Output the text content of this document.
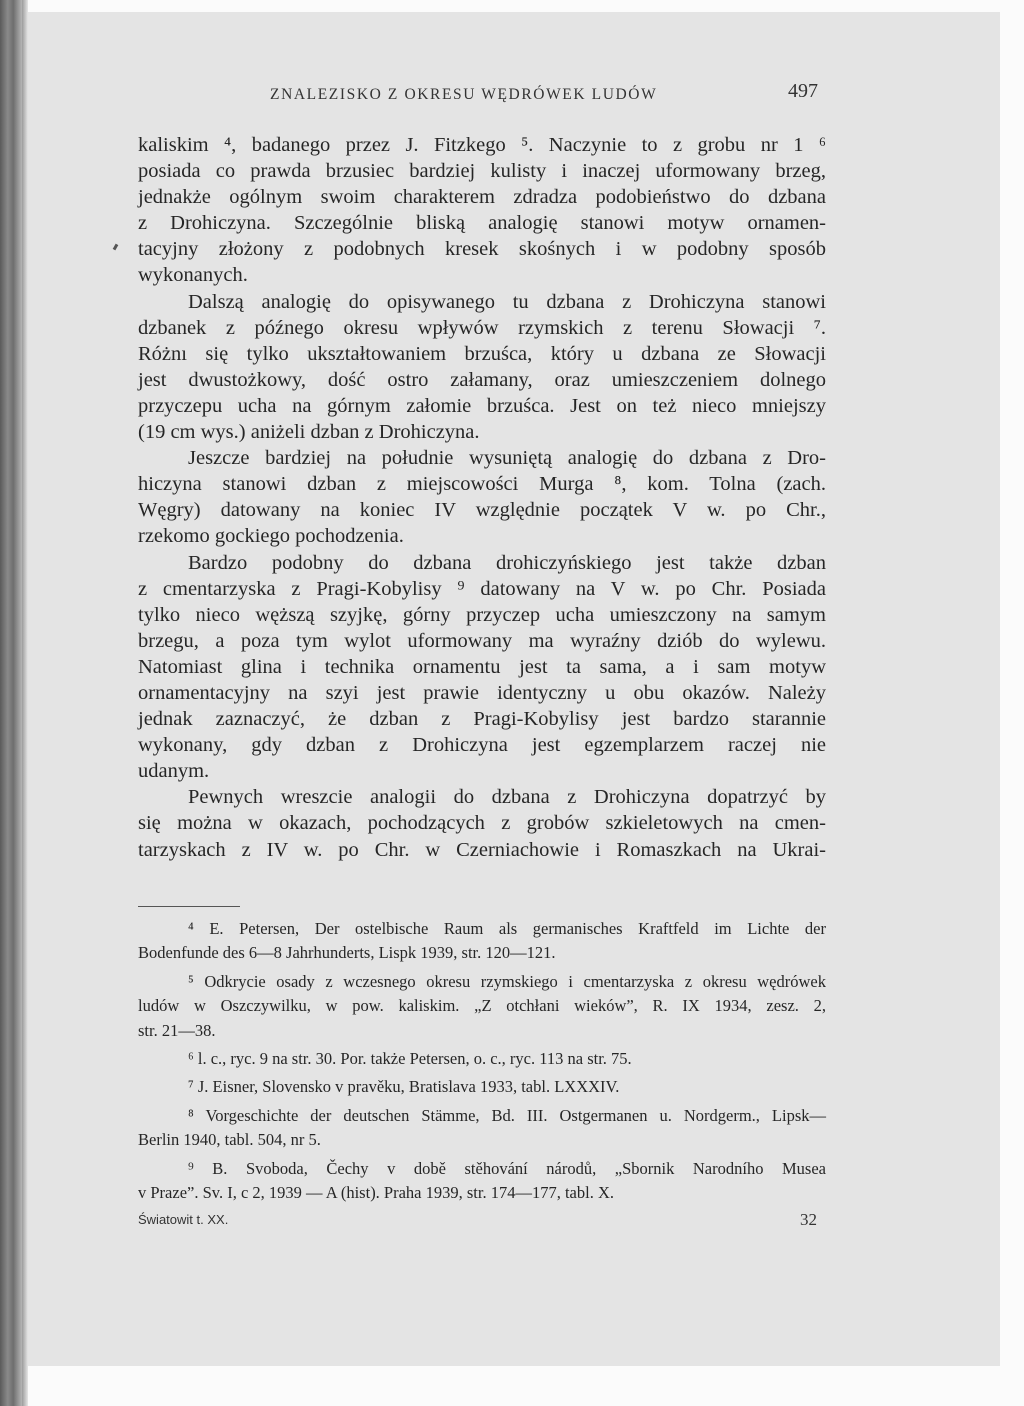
ZNALEZISKO Z OKRESU WĘDRÓWEK LUDÓW	497
kaliskim ⁴, badanego przez J. Fitzkego ⁵. Naczynie to z grobu nr 1 ⁶
posiada co prawda brzusiec bardziej kulisty i inaczej uformowany brzeg,
jednakże ogólnym swoim charakterem zdradza podobieństwo do dzbana
z Drohiczyna. Szczególnie bliską analogię stanowi motyw ornamen-
tacyjny złożony z podobnych kresek skośnych i w podobny sposób
wykonanych.
Dalszą analogię do opisywanego tu dzbana z Drohiczyna stanowi
dzbanek z późnego okresu wpływów rzymskich z terenu Słowacji ⁷.
Różnı się tylko ukształtowaniem brzuśca, który u dzbana ze Słowacji
jest dwustożkowy, dość ostro załamany, oraz umieszczeniem dolnego
przyczepu ucha na górnym załomie brzuśca. Jest on też nieco mniejszy
(19 cm wys.) aniżeli dzban z Drohiczyna.
Jeszcze bardziej na południe wysuniętą analogię do dzbana z Dro-
hiczyna stanowi dzban z miejscowości Murga ⁸, kom. Tolna (zach.
Węgry) datowany na koniec IV względnie początek V w. po Chr.,
rzekomo gockiego pochodzenia.
Bardzo podobny do dzbana drohiczyńskiego jest także dzban
z cmentarzyska z Pragi-Kobylisy ⁹ datowany na V w. po Chr. Posiada
tylko nieco węższą szyjkę, górny przyczep ucha umieszczony na samym
brzegu, a poza tym wylot uformowany ma wyraźny dziób do wylewu.
Natomiast glina i technika ornamentu jest ta sama, a i sam motyw
ornamentacyjny na szyi jest prawie identyczny u obu okazów. Należy
jednak zaznaczyć, że dzban z Pragi-Kobylisy jest bardzo starannie
wykonany, gdy dzban z Drohiczyna jest egzemplarzem raczej nie
udanym.
Pewnych wreszcie analogii do dzbana z Drohiczyna dopatrzyć by
się można w okazach, pochodzących z grobów szkieletowych na cmen-
tarzyskach z IV w. po Chr. w Czerniachowie i Romaszkach na Ukrai-
⁴ E. Petersen, Der ostelbische Raum als germanisches Kraftfeld im Lichte der
Bodenfunde des 6—8 Jahrhunderts, Lispk 1939, str. 120—121.
⁵ Odkrycie osady z wczesnego okresu rzymskiego i cmentarzyska z okresu wędrówek
ludów w Oszczywilku, w pow. kaliskim. „Z otchłani wieków”, R. IX 1934, zesz. 2,
str. 21—38.
⁶ l. c., ryc. 9 na str. 30. Por. także Petersen, o. c., ryc. 113 na str. 75.
⁷ J. Eisner, Slovensko v pravěku, Bratislava 1933, tabl. LXXXIV.
⁸ Vorgeschichte der deutschen Stämme, Bd. III. Ostgermanen u. Nordgerm., Lipsk—
Berlin 1940, tabl. 504, nr 5.
⁹ B. Svoboda, Čechy v době stěhování národů, „Sbornik Narodního Musea
v Praze”. Sv. I, c 2, 1939 — A (hist). Praha 1939, str. 174—177, tabl. X.
Światowit t. XX.	32
